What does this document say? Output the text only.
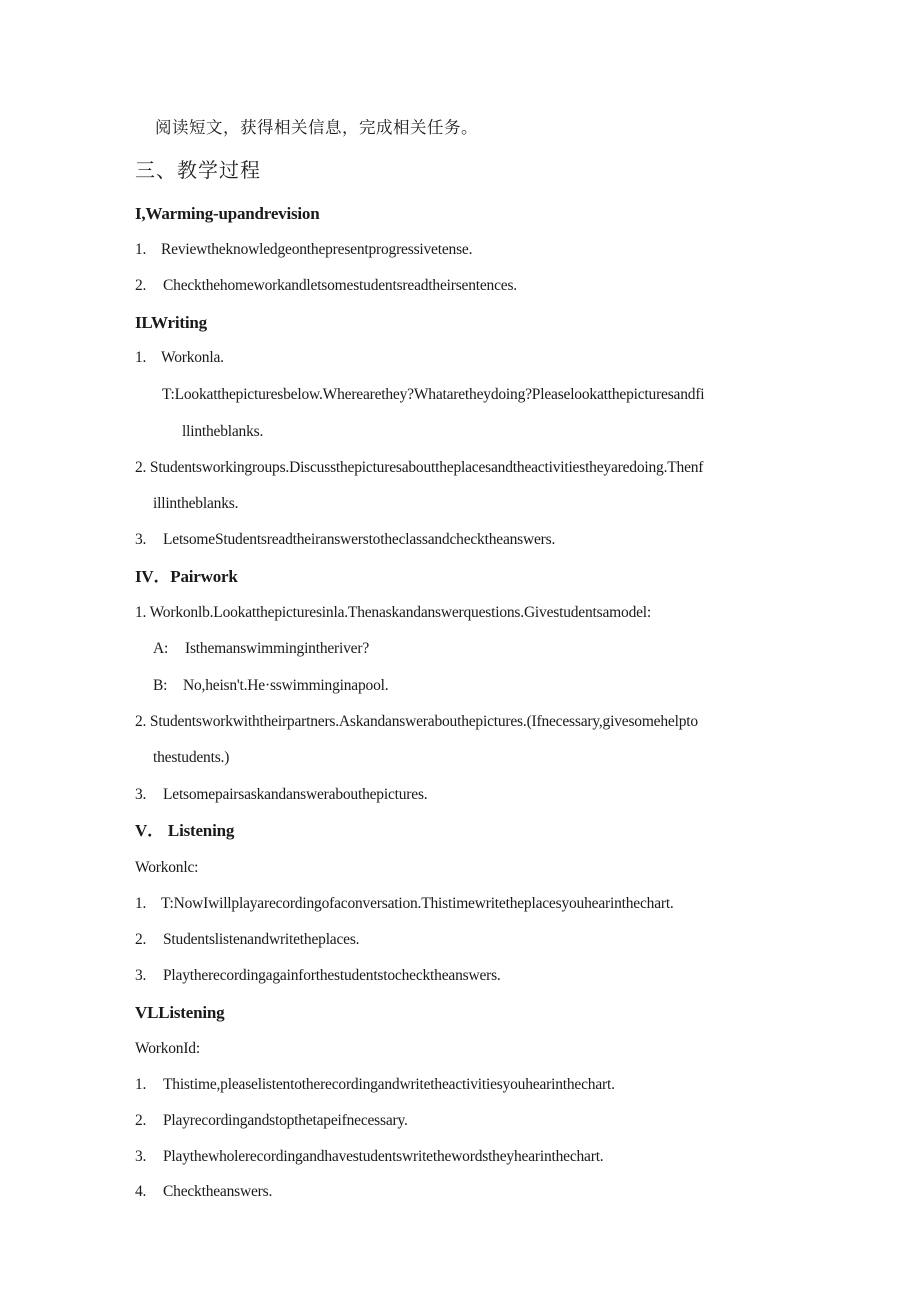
阅读短文，获得相关信息，完成相关任务。
三、教学过程
I,Warming-upandrevision
1. Reviewtheknowledgeonthepresentprogressivetense.
2. Checkthehomeworkandletsomestudentsreadtheirsentences.
ILWriting
1. Workonla.
T:Lookatthepicturesbelow.Wherearethey?Whataretheydoing?Pleaselookatthepicturesandfi
llintheblanks.
2. Studentsworkingroups.Discussthepicturesabouttheplacesandtheactivitiestheyaredoing.Thenf
illintheblanks.
3. LetsomeStudentsreadtheiranswerstotheclassandchecktheanswers.
IV．Pairwork
1. Workonlb.Lookatthepicturesinla.Thenaskandanswerquestions.Givestudentsamodel:
A: Isthemanswimmingintheriver?
B: No,heisn't.He·sswimminginapool.
2. Studentsworkwiththeirpartners.Askandanswerabouthepictures.(Ifnecessary,givesomehelpto
thestudents.)
3. Letsomepairsaskandanswerabouthepictures.
V． Listening
Workonlc:
1. T:NowIwillplayarecordingofaconversation.Thistimewritetheplacesyouhearinthechart.
2. Studentslistenandwritetheplaces.
3. Playtherecordingagainforthestudentstochecktheanswers.
VLListening
WorkonId:
1. Thistime,pleaselistentotherecordingandwritetheactivitiesyouhearinthechart.
2. Playrecordingandstopthetapeifnecessary.
3. Playthewholerecordingandhavestudentswritethewordstheyhearinthechart.
4. Checktheanswers.
